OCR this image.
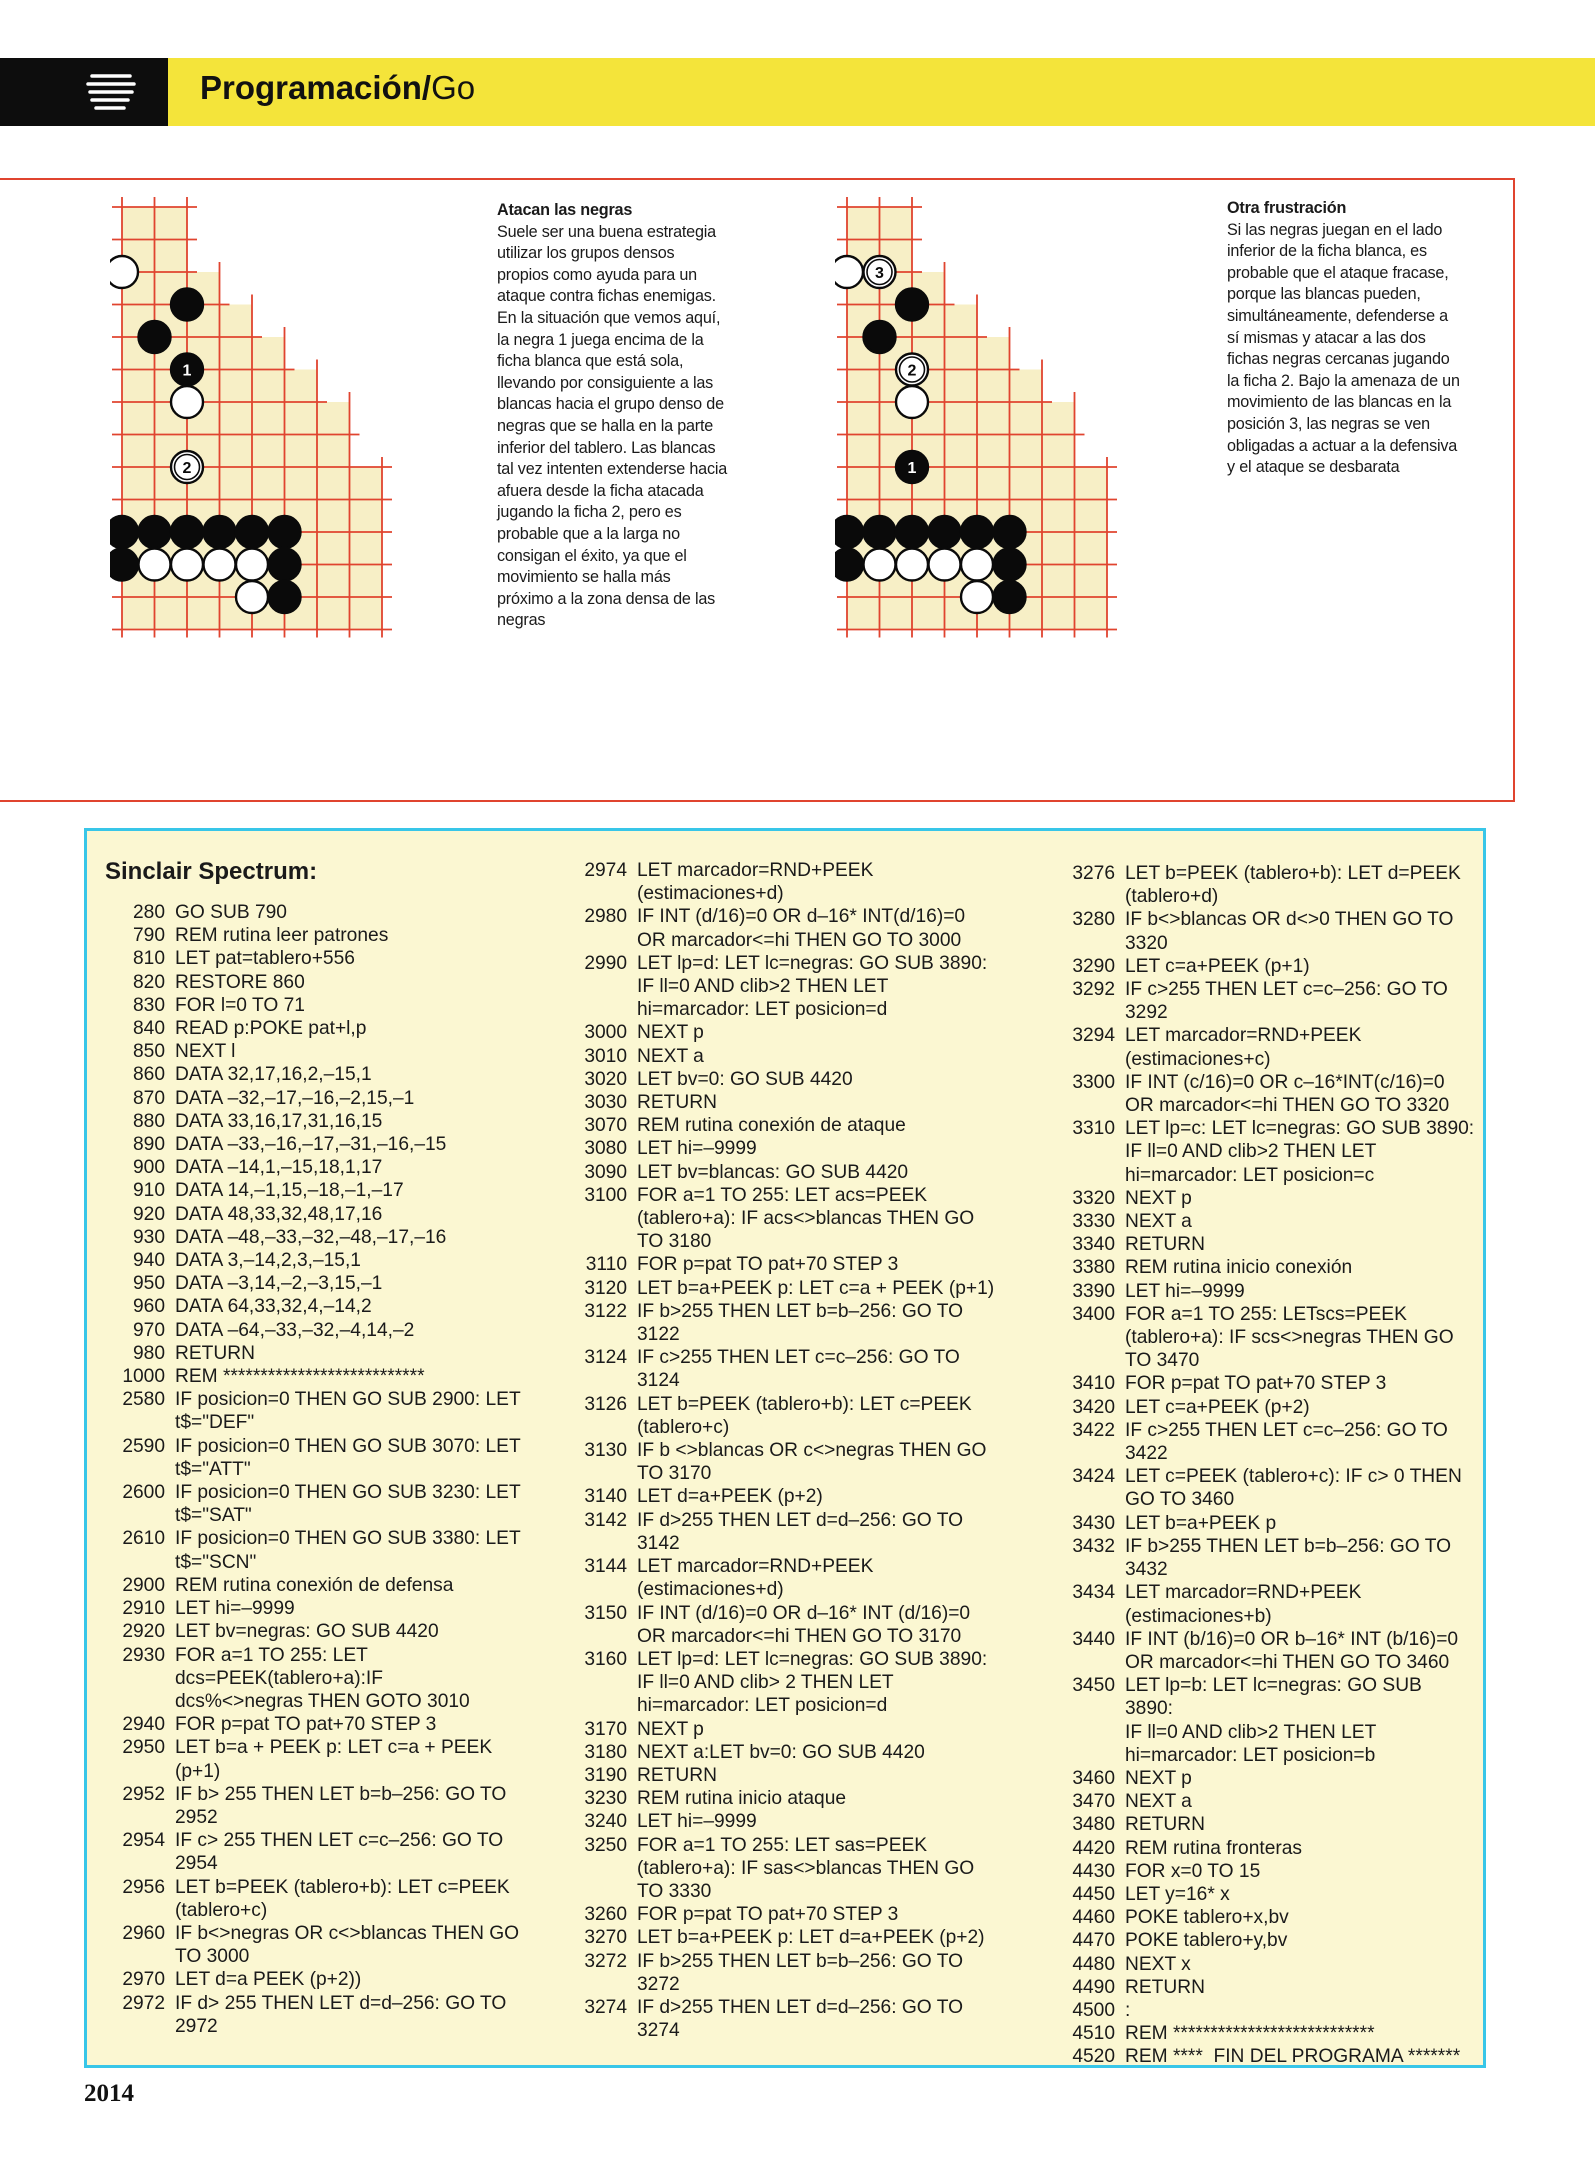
Programación/Go
1
2
Atacan las negras
Suele ser una buena estrategia
utilizar los grupos densos
propios como ayuda para un
ataque contra fichas enemigas.
En la situación que vemos aquí,
la negra 1 juega encima de la
ficha blanca que está sola,
llevando por consiguiente a las
blancas hacia el grupo denso de
negras que se halla en la parte
inferior del tablero. Las blancas
tal vez intenten extenderse hacia
afuera desde la ficha atacada
jugando la ficha 2, pero es
probable que a la larga no
consigan el éxito, ya que el
movimiento se halla más
próximo a la zona densa de las
negras
3
2
1
Otra frustración
Si las negras juegan en el lado
inferior de la ficha blanca, es
probable que el ataque fracase,
porque las blancas pueden,
simultáneamente, defenderse a
sí mismas y atacar a las dos
fichas negras cercanas jugando
la ficha 2. Bajo la amenaza de un
movimiento de las blancas en la
posición 3, las negras se ven
obligadas a actuar a la defensiva
y el ataque se desbarata
Sinclair Spectrum:
280 GO SUB 790
790 REM rutina leer patrones
810 LET pat=tablero+556
820 RESTORE 860
830 FOR l=0 TO 71
840 READ p:POKE pat+l,p
850 NEXT l
860 DATA 32,17,16,2,–15,1
870 DATA –32,–17,–16,–2,15,–1
880 DATA 33,16,17,31,16,15
890 DATA –33,–16,–17,–31,–16,–15
900 DATA –14,1,–15,18,1,17
910 DATA 14,–1,15,–18,–1,–17
920 DATA 48,33,32,48,17,16
930 DATA –48,–33,–32,–48,–17,–16
940 DATA 3,–14,2,3,–15,1
950 DATA –3,14,–2,–3,15,–1
960 DATA 64,33,32,4,–14,2
970 DATA –64,–33,–32,–4,14,–2
980 RETURN
1000 REM ***************************
2580 IF posicion=0 THEN GO SUB 2900: LET
t$="DEF"
2590 IF posicion=0 THEN GO SUB 3070: LET
t$="ATT"
2600 IF posicion=0 THEN GO SUB 3230: LET
t$="SAT"
2610 IF posicion=0 THEN GO SUB 3380: LET
t$="SCN"
2900 REM rutina conexión de defensa
2910 LET hi=–9999
2920 LET bv=negras: GO SUB 4420
2930 FOR a=1 TO 255: LET
dcs=PEEK(tablero+a):IF
dcs%<>negras THEN GOTO 3010
2940 FOR p=pat TO pat+70 STEP 3
2950 LET b=a + PEEK p: LET c=a + PEEK
(p+1)
2952 IF b> 255 THEN LET b=b–256: GO TO
2952
2954 IF c> 255 THEN LET c=c–256: GO TO
2954
2956 LET b=PEEK (tablero+b): LET c=PEEK
(tablero+c)
2960 IF b<>negras OR c<>blancas THEN GO
TO 3000
2970 LET d=a PEEK (p+2))
2972 IF d> 255 THEN LET d=d–256: GO TO
2972
2974 LET marcador=RND+PEEK
(estimaciones+d)
2980 IF INT (d/16)=0 OR d–16* INT(d/16)=0
OR marcador<=hi THEN GO TO 3000
2990 LET lp=d: LET lc=negras: GO SUB 3890:
IF ll=0 AND clib>2 THEN LET
hi=marcador: LET posicion=d
3000 NEXT p
3010 NEXT a
3020 LET bv=0: GO SUB 4420
3030 RETURN
3070 REM rutina conexión de ataque
3080 LET hi=–9999
3090 LET bv=blancas: GO SUB 4420
3100 FOR a=1 TO 255: LET acs=PEEK
(tablero+a): IF acs<>blancas THEN GO
TO 3180
3110 FOR p=pat TO pat+70 STEP 3
3120 LET b=a+PEEK p: LET c=a + PEEK (p+1)
3122 IF b>255 THEN LET b=b–256: GO TO
3122
3124 IF c>255 THEN LET c=c–256: GO TO
3124
3126 LET b=PEEK (tablero+b): LET c=PEEK
(tablero+c)
3130 IF b <>blancas OR c<>negras THEN GO
TO 3170
3140 LET d=a+PEEK (p+2)
3142 IF d>255 THEN LET d=d–256: GO TO
3142
3144 LET marcador=RND+PEEK
(estimaciones+d)
3150 IF INT (d/16)=0 OR d–16* INT (d/16)=0
OR marcador<=hi THEN GO TO 3170
3160 LET lp=d: LET lc=negras: GO SUB 3890:
IF ll=0 AND clib> 2 THEN LET
hi=marcador: LET posicion=d
3170 NEXT p
3180 NEXT a:LET bv=0: GO SUB 4420
3190 RETURN
3230 REM rutina inicio ataque
3240 LET hi=–9999
3250 FOR a=1 TO 255: LET sas=PEEK
(tablero+a): IF sas<>blancas THEN GO
TO 3330
3260 FOR p=pat TO pat+70 STEP 3
3270 LET b=a+PEEK p: LET d=a+PEEK (p+2)
3272 IF b>255 THEN LET b=b–256: GO TO
3272
3274 IF d>255 THEN LET d=d–256: GO TO
3274
3276 LET b=PEEK (tablero+b): LET d=PEEK
(tablero+d)
3280 IF b<>blancas OR d<>0 THEN GO TO
3320
3290 LET c=a+PEEK (p+1)
3292 IF c>255 THEN LET c=c–256: GO TO
3292
3294 LET marcador=RND+PEEK
(estimaciones+c)
3300 IF INT (c/16)=0 OR c–16*INT(c/16)=0
OR marcador<=hi THEN GO TO 3320
3310 LET lp=c: LET lc=negras: GO SUB 3890:
IF ll=0 AND clib>2 THEN LET
hi=marcador: LET posicion=c
3320 NEXT p
3330 NEXT a
3340 RETURN
3380 REM rutina inicio conexión
3390 LET hi=–9999
3400 FOR a=1 TO 255: LETscs=PEEK
(tablero+a): IF scs<>negras THEN GO
TO 3470
3410 FOR p=pat TO pat+70 STEP 3
3420 LET c=a+PEEK (p+2)
3422 IF c>255 THEN LET c=c–256: GO TO
3422
3424 LET c=PEEK (tablero+c): IF c> 0 THEN
GO TO 3460
3430 LET b=a+PEEK p
3432 IF b>255 THEN LET b=b–256: GO TO
3432
3434 LET marcador=RND+PEEK
(estimaciones+b)
3440 IF INT (b/16)=0 OR b–16* INT (b/16)=0
OR marcador<=hi THEN GO TO 3460
3450 LET lp=b: LET lc=negras: GO SUB 3890:
IF ll=0 AND clib>2 THEN LET
hi=marcador: LET posicion=b
3460 NEXT p
3470 NEXT a
3480 RETURN
4420 REM rutina fronteras
4430 FOR x=0 TO 15
4450 LET y=16* x
4460 POKE tablero+x,bv
4470 POKE tablero+y,bv
4480 NEXT x
4490 RETURN
4500 :
4510 REM ***************************
4520 REM ****  FIN DEL PROGRAMA *******
2014
